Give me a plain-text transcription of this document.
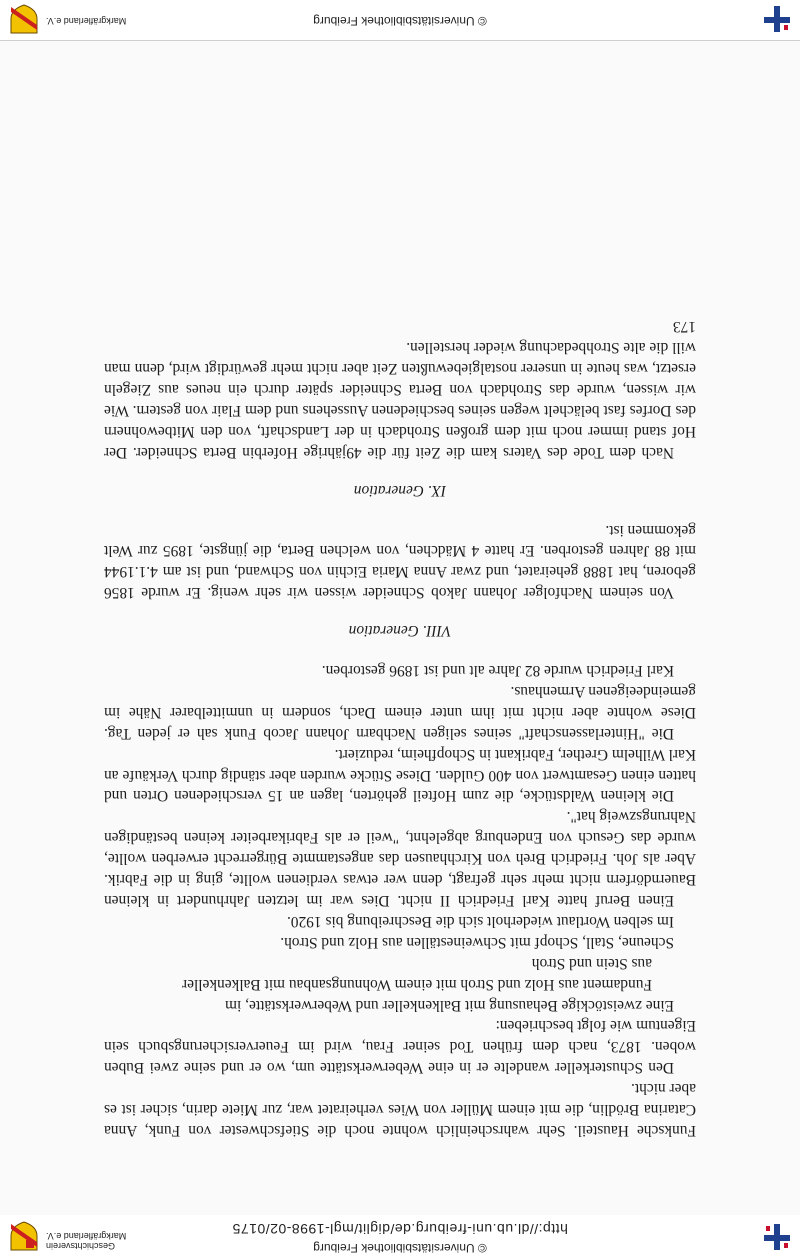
© Universitätsbibliothek Freiburg
http://dl.ub.uni-freiburg.de/diglit/mgl-1998-02/0175
Geschichtsverein
Markgräflerland e.V.

Funksche Hausteil. Sehr wahrscheinlich wohnte noch die Stiefschwester von Funk, Anna Catarina Brödlin, die mit einem Müller von Wies verheiratet war, zur Miete darin, sicher ist es aber nicht.

Den Schusterkeller wandelte er in eine Weberwerkstätte um, wo er und seine zwei Buben woben. 1873, nach dem frühen Tod seiner Frau, wird im Feuerversicherungsbuch sein Eigentum wie folgt beschrieben:

Eine zweistöckige Behausung mit Balkenkeller und Weberwerkstätte, im

Fundament aus Holz und Stroh mit einem Wohnungsanbau mit Balkenkeller

aus Stein und Stroh

Scheune, Stall, Schopf mit Schweineställen aus Holz und Stroh.

Im selben Wortlaut wiederholt sich die Beschreibung bis 1920.

Einen Beruf hatte Karl Friedrich II nicht. Dies war im letzten Jahrhundert in kleinen Bauerndörfern nicht mehr sehr gefragt, denn wer etwas verdienen wollte, ging in die Fabrik. Aber als Joh. Friedrich Breh von Kirchhausen das angestammte Bürgerrecht erwerben wollte, wurde das Gesuch von Endenburg abgelehnt, "weil er als Fabrikarbeiter keinen beständigen Nahrungszweig hat".

Die kleinen Waldstücke, die zum Hofteil gehörten, lagen an 15 verschiedenen Orten und hatten einen Gesamtwert von 400 Gulden. Diese Stücke wurden aber ständig durch Verkäufe an Karl Wilhelm Grether, Fabrikant in Schopfheim, reduziert.

Die "Hinterlassenschaft" seines seligen Nachbarn Johann Jacob Funk sah er jeden Tag. Diese wohnte aber nicht mit ihm unter einem Dach, sondern in unmittelbarer Nähe im gemeindeeigenen Armenhaus.

Karl Friedrich wurde 82 Jahre alt und ist 1896 gestorben.

VIII. Generation

Von seinem Nachfolger Johann Jakob Schneider wissen wir sehr wenig. Er wurde 1856 geboren, hat 1888 geheiratet, und zwar Anna Maria Eichin von Schwand, und ist am 4.1.1944 mit 88 Jahren gestorben. Er hatte 4 Mädchen, von welchen Berta, die jüngste, 1895 zur Welt gekommen ist.

IX. Generation

Nach dem Tode des Vaters kam die Zeit für die 49jährige Hoferbin Berta Schneider. Der Hof stand immer noch mit dem großen Strohdach in der Landschaft, von den Mitbewohnern des Dorfes fast belächelt wegen seines beschiedenen Aussehens und dem Flair von gestern. Wie wir wissen, wurde das Strohdach von Berta Schneider später durch ein neues aus Ziegeln ersetzt, was heute in unserer nostalgiebewußten Zeit aber nicht mehr gewürdigt wird, denn man will die alte Strohbedachung wieder herstellen.

173

© Universitätsbibliothek Freiburg
Markgräflerland e.V.
